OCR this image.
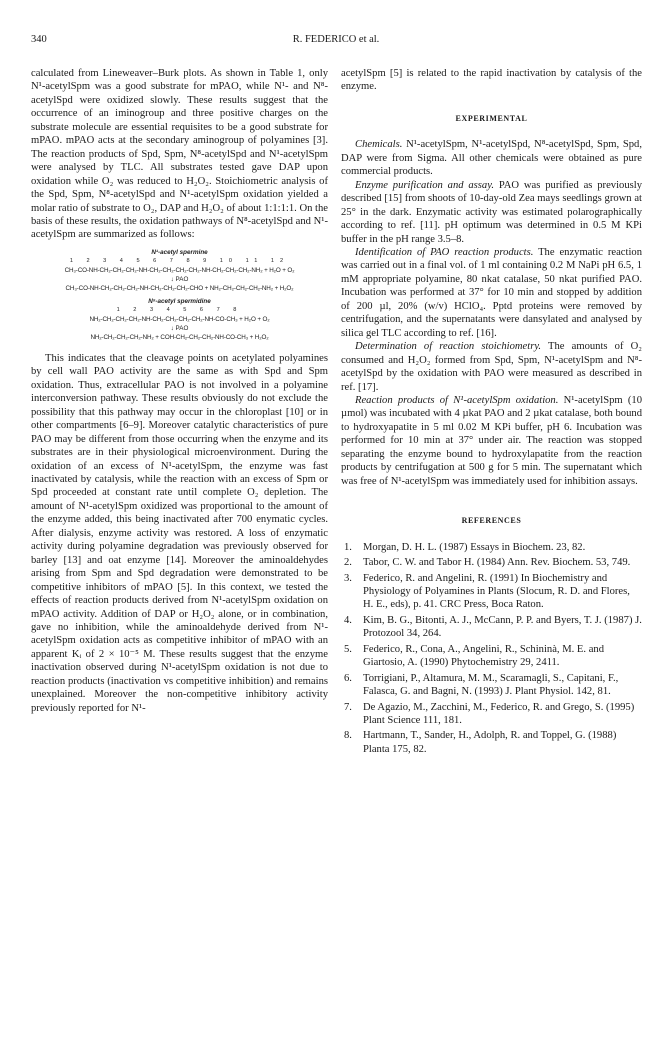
340	R. FEDERICO et al.

calculated from Lineweaver–Burk plots. As shown in Table 1, only N¹-acetylSpm was a good substrate for mPAO, while N¹- and N⁸-acetylSpd were oxidized slowly. These results suggest that the occurrence of an iminogroup and three positive charges on the substrate molecule are essential requisites to be a good substrate for mPAO. mPAO acts at the secondary aminogroup of polyamines [3]. The reaction products of Spd, Spm, N⁸-acetylSpd and N¹-acetylSpm were analysed by TLC. All substrates tested gave DAP upon oxidation while O₂ was reduced to H₂O₂. Stoichiometric analysis of the Spd, Spm, N⁸-acetylSpd and N¹-acetylSpm oxidation yielded a molar ratio of substrate to O₂, DAP and H₂O₂ of about 1:1:1:1. On the basis of these results, the oxidation pathways of N⁸-acetylSpd and N¹-acetylSpm are summarized as follows:

N¹-acetyl spermine
1 2 3 4 5 6 7 8 9 10 11 12
CH₃-CO-NH-CH₂-CH₂-CH₂-NH-CH₂-CH₂-CH₂-CH₂-NH-CH₂-CH₂-CH₂-NH₂ + H₂O + O₂
↓ PAO
CH₃-CO-NH-CH₂-CH₂-CH₂-NH-CH₂-CH₂-CH₂-CHO + NH₂-CH₂-CH₂-CH₂-NH₂ + H₂O₂
N⁸-acetyl spermidine
1 2 3 4 5 6 7 8
NH₂-CH₂-CH₂-CH₂-NH-CH₂-CH₂-CH₂-CH₂-NH-CO-CH₃ + H₂O + O₂
↓ PAO
NH₂-CH₂-CH₂-CH₂-NH₂ + COH-CH₂-CH₂-CH₂-NH-CO-CH₃ + H₂O₂

This indicates that the cleavage points on acetylated polyamines by cell wall PAO activity are the same as with Spd and Spm oxidation. Thus, extracellular PAO is not involved in a polyamine interconversion pathway. These results obviously do not exclude the possibility that this pathway may occur in the chloroplast [10] or in other compartments [6–9]. Moreover catalytic characteristics of pure PAO may be different from those occurring when the enzyme and its substrates are in their physiological microenvironment. During the oxidation of an excess of N¹-acetylSpm, the enzyme was fast inactivated by catalysis, while the reaction with an excess of Spm or Spd proceeded at constant rate until complete O₂ depletion. The amount of N¹-acetylSpm oxidized was proportional to the amount of the enzyme added, this being inactivated after 700 enymatic cycles. After dialysis, enzyme activity was restored. A loss of enzymatic activity during polyamine degradation was previously observed for barley [13] and oat enzyme [14]. Moreover the aminoaldehydes arising from Spm and Spd degradation were demonstrated to be competitive inhibitors of mPAO [5]. In this context, we tested the effects of reaction products derived from N¹-acetylSpm oxidation on mPAO activity. Addition of DAP or H₂O₂ alone, or in combination, gave no inhibition, while the aminoaldehyde derived from N¹-acetylSpm oxidation acts as competitive inhibitor of mPAO with an apparent Kᵢ of 2 × 10⁻⁵ M. These results suggest that the enzyme inactivation observed during N¹-acetylSpm oxidation is not due to reaction products (inactivation vs competitive inhibition) and remains unexplained. Moreover the non-competitive inhibitory activity previously reported for N¹-

acetylSpm [5] is related to the rapid inactivation by catalysis of the enzyme.

EXPERIMENTAL

Chemicals. N¹-acetylSpm, N¹-acetylSpd, N⁸-acetylSpd, Spm, Spd, DAP were from Sigma. All other chemicals were obtained as pure commercial products.

Enzyme purification and assay. PAO was purified as previously described [15] from shoots of 10-day-old Zea mays seedlings grown at 25° in the dark. Enzymatic activity was estimated polarographically according to ref. [11]. pH optimum was determined in 0.5 M KPi buffer in the pH range 3.5–8.

Identification of PAO reaction products. The enzymatic reaction was carried out in a final vol. of 1 ml containing 0.2 M NaPi pH 6.5, 1 mM appropriate polyamine, 80 nkat catalase, 50 nkat purified PAO. Incubation was performed at 37° for 10 min and stopped by addition of 200 µl, 20% (w/v) HClO₄. Pptd proteins were removed by centrifugation, and the supernatants were dansylated and analysed by silica gel TLC according to ref. [16].

Determination of reaction stoichiometry. The amounts of O₂ consumed and H₂O₂ formed from Spd, Spm, N¹-acetylSpm and N⁸-acetylSpd by the oxidation with PAO were measured as described in ref. [17].

Reaction products of N¹-acetylSpm oxidation. N¹-acetylSpm (10 µmol) was incubated with 4 µkat PAO and 2 µkat catalase, both bound to hydroxyapatite in 5 ml 0.02 M KPi buffer, pH 6. Incubation was performed for 10 min at 37° under air. The reaction was stopped separating the enzyme bound to hydroxylapatite from the reaction products by centrifugation at 500 g for 5 min. The supernatant which was free of N¹-acetylSpm was immediately used for inhibition assays.

REFERENCES
1. Morgan, D. H. L. (1987) Essays in Biochem. 23, 82.
2. Tabor, C. W. and Tabor H. (1984) Ann. Rev. Biochem. 53, 749.
3. Federico, R. and Angelini, R. (1991) In Biochemistry and Physiology of Polyamines in Plants (Slocum, R. D. and Flores, H. E., eds), p. 41. CRC Press, Boca Raton.
4. Kim, B. G., Bitonti, A. J., McCann, P. P. and Byers, T. J. (1987) J. Protozool 34, 264.
5. Federico, R., Cona, A., Angelini, R., Schininà, M. E. and Giartosio, A. (1990) Phytochemistry 29, 2411.
6. Torrigiani, P., Altamura, M. M., Scaramagli, S., Capitani, F., Falasca, G. and Bagni, N. (1993) J. Plant Physiol. 142, 81.
7. De Agazio, M., Zacchini, M., Federico, R. and Grego, S. (1995) Plant Science 111, 181.
8. Hartmann, T., Sander, H., Adolph, R. and Toppel, G. (1988) Planta 175, 82.
